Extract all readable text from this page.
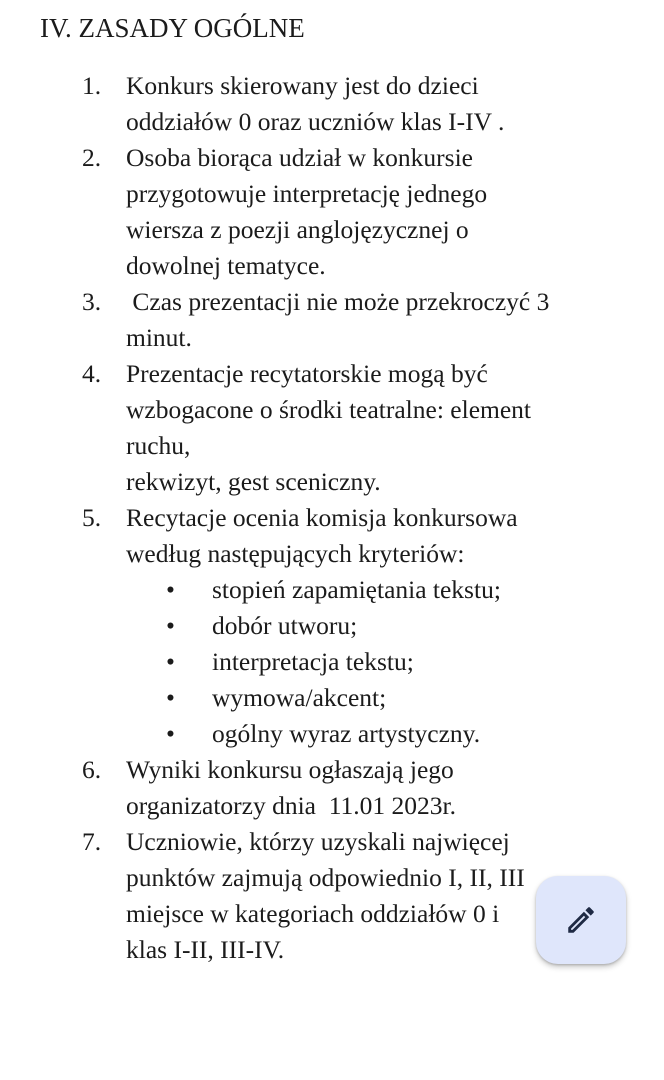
IV. ZASADY OGÓLNE
1. Konkurs skierowany jest do dzieci
oddziałów 0 oraz uczniów klas I-IV .
2. Osoba biorąca udział w konkursie
przygotowuje interpretację jednego
wiersza z poezji anglojęzycznej o
dowolnej tematyce.
3. Czas prezentacji nie może przekroczyć 3
minut.
4. Prezentacje recytatorskie mogą być
wzbogacone o środki teatralne: element
ruchu,
rekwizyt, gest sceniczny.
5. Recytacje ocenia komisja konkursowa
według następujących kryteriów:
• stopień zapamiętania tekstu;
• dobór utworu;
• interpretacja tekstu;
• wymowa/akcent;
• ogólny wyraz artystyczny.
6. Wyniki konkursu ogłaszają jego
organizatorzy dnia  11.01 2023r.
7. Uczniowie, którzy uzyskali najwięcej
punktów zajmują odpowiednio I, II, III
miejsce w kategoriach oddziałów 0 i
klas I-II, III-IV.
